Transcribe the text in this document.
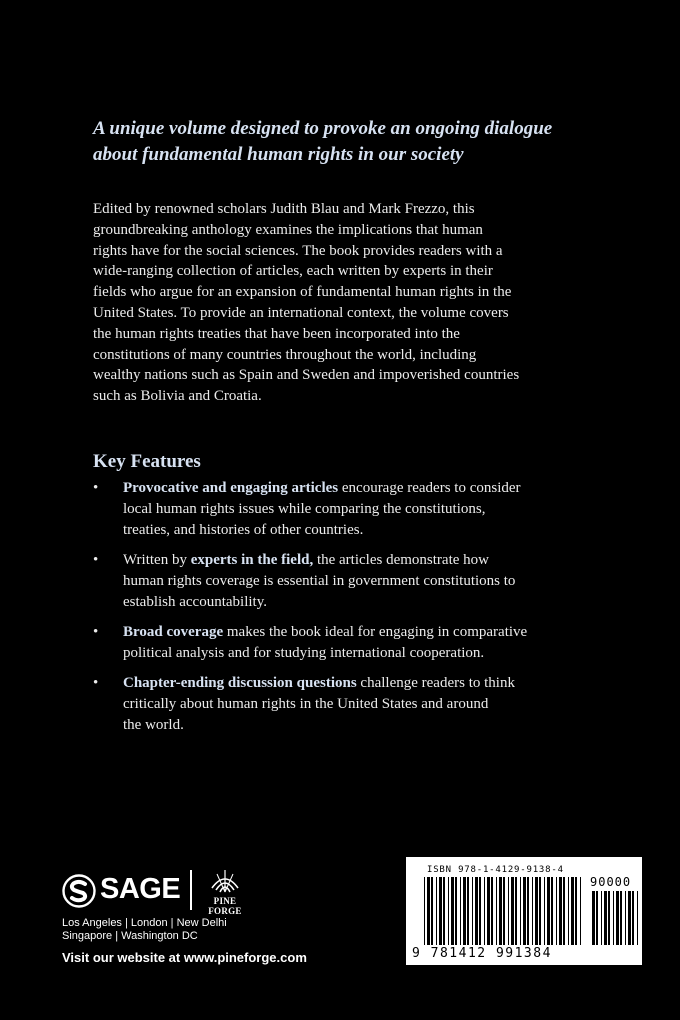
A unique volume designed to provoke an ongoing dialogue
about fundamental human rights in our society
Edited by renowned scholars Judith Blau and Mark Frezzo, this
groundbreaking anthology examines the implications that human
rights have for the social sciences. The book provides readers with a
wide-ranging collection of articles, each written by experts in their
fields who argue for an expansion of fundamental human rights in the
United States. To provide an international context, the volume covers
the human rights treaties that have been incorporated into the
constitutions of many countries throughout the world, including
wealthy nations such as Spain and Sweden and impoverished countries
such as Bolivia and Croatia.
Key Features
• Provocative and engaging articles encourage readers to consider
local human rights issues while comparing the constitutions,
treaties, and histories of other countries.
• Written by experts in the field, the articles demonstrate how
human rights coverage is essential in government constitutions to
establish accountability.
• Broad coverage makes the book ideal for engaging in comparative
political analysis and for studying international cooperation.
• Chapter-ending discussion questions challenge readers to think
critically about human rights in the United States and around
the world.
SAGE	PINE
FORGE
Los Angeles | London | New Delhi
Singapore | Washington DC
Visit our website at www.pineforge.com
ISBN 978-1-4129-9138-4
9 781412 991384
90000
